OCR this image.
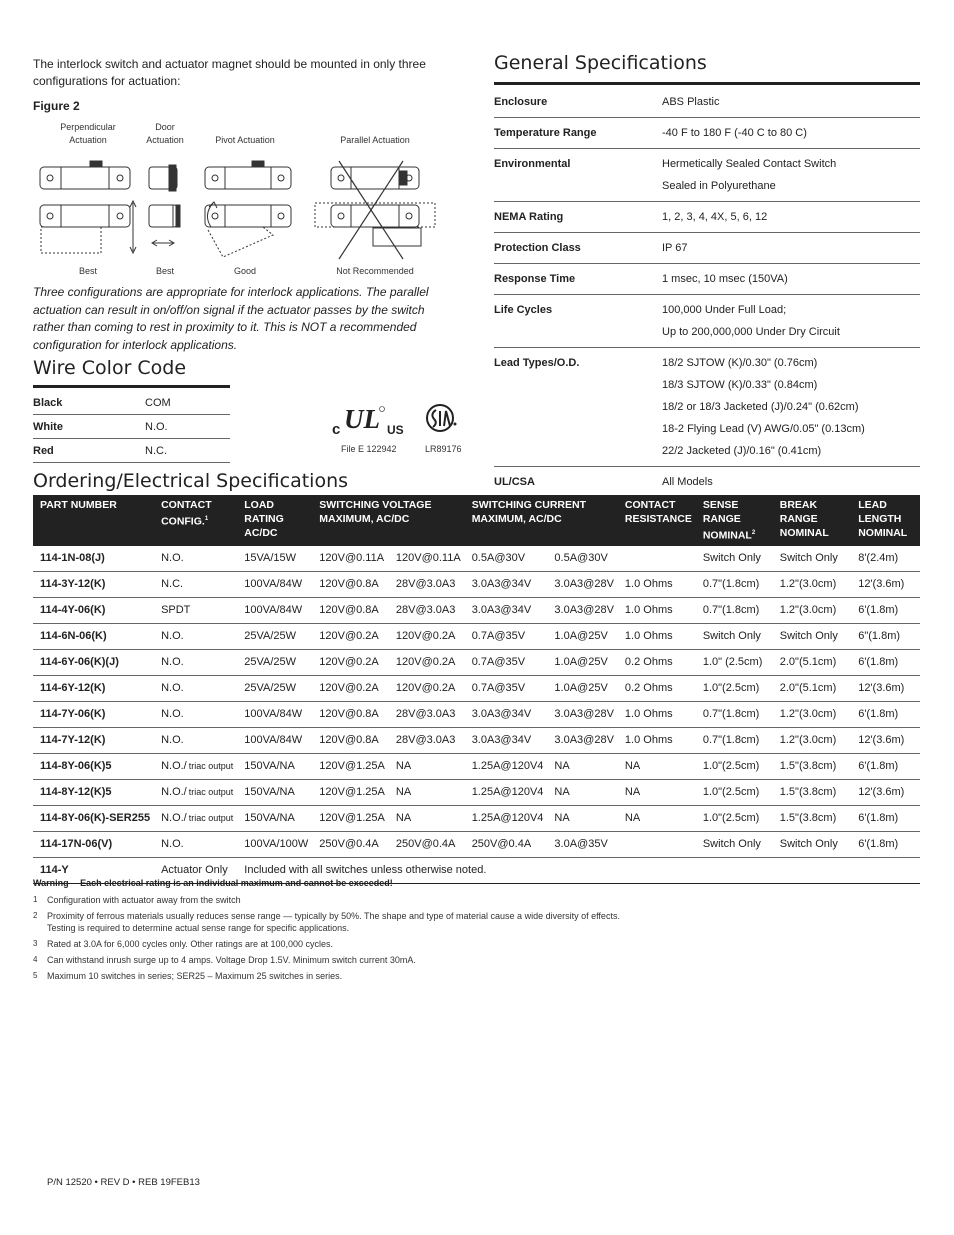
The interlock switch and actuator magnet should be mounted in only three configurations for actuation:
Figure 2
Perpendicular Actuation
Door Actuation	Pivot Actuation	Parallel Actuation
Best	Best	Good	Not Recommended
Three configurations are appropriate for interlock applications. The parallel actuation can result in on/off/on signal if the actuator passes by the switch rather than coming to rest in proximity to it. This is NOT a recommended configuration for interlock applications.
Wire Color Code
Black	COM
White	N.O.
Red	N.C.
c UL US
File E 122942	LR89176
General Specifications
Enclosure	ABS Plastic

Temperature Range	-40 F to 180 F (-40 C to 80 C)

Environmental	Hermetically Sealed Contact Switch
Sealed in Polyurethane

NEMA Rating	1, 2, 3, 4, 4X, 5, 6, 12

Protection Class	IP 67

Response Time	1 msec, 10 msec (150VA)

Life Cycles	100,000 Under Full Load;
Up to 200,000,000 Under Dry Circuit

Lead Types/O.D.	18/2 SJTOW (K)/0.30" (0.76cm)
18/3 SJTOW (K)/0.33" (0.84cm)
18/2 or 18/3 Jacketed (J)/0.24" (0.62cm)
18-2 Flying Lead (V) AWG/0.05" (0.13cm)
22/2 Jacketed (J)/0.16" (0.41cm)

UL/CSA	All Models
Ordering/Electrical Specifications
PART NUMBER	CONTACT CONFIG.$^1$	LOAD RATING AC/DC	SWITCHING VOLTAGE MAXIMUM, AC/DC		SWITCHING CURRENT MAXIMUM, AC/DC		CONTACT RESISTANCE	SENSE RANGE NOMINAL$^2$	BREAK RANGE NOMINAL	LEAD LENGTH NOMINAL
114-1N-08(J)	N.O.	15VA/15W	120V@0.11A	120V@0.11A	0.5A@30V	0.5A@30V		Switch Only	Switch Only	8'(2.4m)
114-3Y-12(K)	N.C.	100VA/84W	120V@0.8A	28V@3.0A3	3.0A3@34V	3.0A3@28V	1.0 Ohms	0.7"(1.8cm)	1.2"(3.0cm)	12'(3.6m)
114-4Y-06(K)	SPDT	100VA/84W	120V@0.8A	28V@3.0A3	3.0A3@34V	3.0A3@28V	1.0 Ohms	0.7"(1.8cm)	1.2"(3.0cm)	6'(1.8m)
114-6N-06(K)	N.O.	25VA/25W	120V@0.2A	120V@0.2A	0.7A@35V	1.0A@25V	1.0 Ohms	Switch Only	Switch Only	6"(1.8m)
114-6Y-06(K)(J)	N.O.	25VA/25W	120V@0.2A	120V@0.2A	0.7A@35V	1.0A@25V	0.2 Ohms	1.0" (2.5cm)	2.0"(5.1cm)	6'(1.8m)
114-6Y-12(K)	N.O.	25VA/25W	120V@0.2A	120V@0.2A	0.7A@35V	1.0A@25V	0.2 Ohms	1.0"(2.5cm)	2.0"(5.1cm)	12'(3.6m)
114-7Y-06(K)	N.O.	100VA/84W	120V@0.8A	28V@3.0A3	3.0A3@34V	3.0A3@28V	1.0 Ohms	0.7"(1.8cm)	1.2"(3.0cm)	6'(1.8m)
114-7Y-12(K)	N.O.	100VA/84W	120V@0.8A	28V@3.0A3	3.0A3@34V	3.0A3@28V	1.0 Ohms	0.7"(1.8cm)	1.2"(3.0cm)	12'(3.6m)
114-8Y-06(K)5	N.O./ triac output	150VA/NA	120V@1.25A	NA	1.25A@120V4	NA	NA	1.0"(2.5cm)	1.5"(3.8cm)	6'(1.8m)
114-8Y-12(K)5	N.O./ triac output	150VA/NA	120V@1.25A	NA	1.25A@120V4	NA	NA	1.0"(2.5cm)	1.5"(3.8cm)	12'(3.6m)
114-8Y-06(K)-SER255	N.O./ triac output	150VA/NA	120V@1.25A	NA	1.25A@120V4	NA	NA	1.0"(2.5cm)	1.5"(3.8cm)	6'(1.8m)
114-17N-06(V)	N.O.	100VA/100W	250V@0.4A	250V@0.4A	250V@0.4A	3.0A@35V		Switch Only	Switch Only	6'(1.8m)
114-Y	Actuator Only	Included with all switches unless otherwise noted.								
Warning— Each electrical rating is an individual maximum and cannot be exceeded!
1 Configuration with actuator away from the switch
2 Proximity of ferrous materials usually reduces sense range — typically by 50%. The shape and type of material cause a wide diversity of effects. Testing is required to determine actual sense range for specific applications.
3 Rated at 3.0A for 6,000 cycles only. Other ratings are at 100,000 cycles.
4 Can withstand inrush surge up to 4 amps. Voltage Drop 1.5V. Minimum switch current 30mA.
5 Maximum 10 switches in series; SER25 – Maximum 25 switches in series.
P/N 12520 • REV D • REB 19FEB13
